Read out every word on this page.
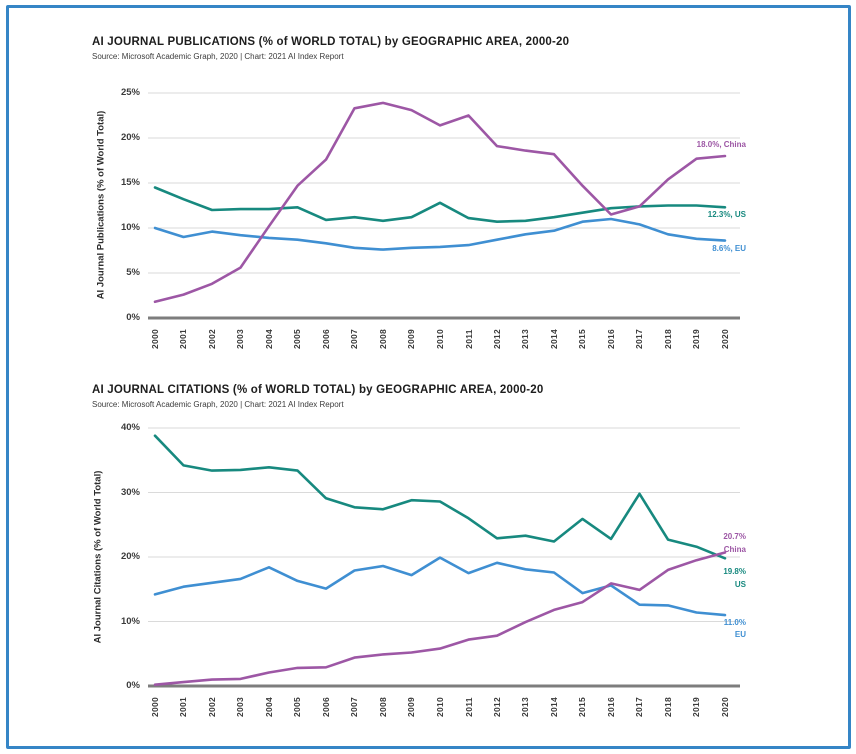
AI JOURNAL PUBLICATIONS (% of WORLD TOTAL) by GEOGRAPHIC AREA, 2000-20
Source: Microsoft Academic Graph, 2020 | Chart: 2021 AI Index Report
AI Journal Publications (% of World Total)
0%
5%
10%
15%
20%
25%
2000 2001 2002 2003 2004 2005 2006 2007 2008 2009 2010 2011 2012 2013 2014 2015 2016 2017 2018 2019 2020
12.3%, US
8.6%, EU
18.0%, China
AI JOURNAL CITATIONS (% of WORLD TOTAL) by GEOGRAPHIC AREA, 2000-20
Source: Microsoft Academic Graph, 2020 | Chart: 2021 AI Index Report
AI Journal Citations (% of World Total)
0%
10%
20%
30%
40%
2000 2001 2002 2003 2004 2005 2006 2007 2008 2009 2010 2011 2012 2013 2014 2015 2016 2017 2018 2019 2020
19.8%
US
11.0%
EU
20.7%
China
